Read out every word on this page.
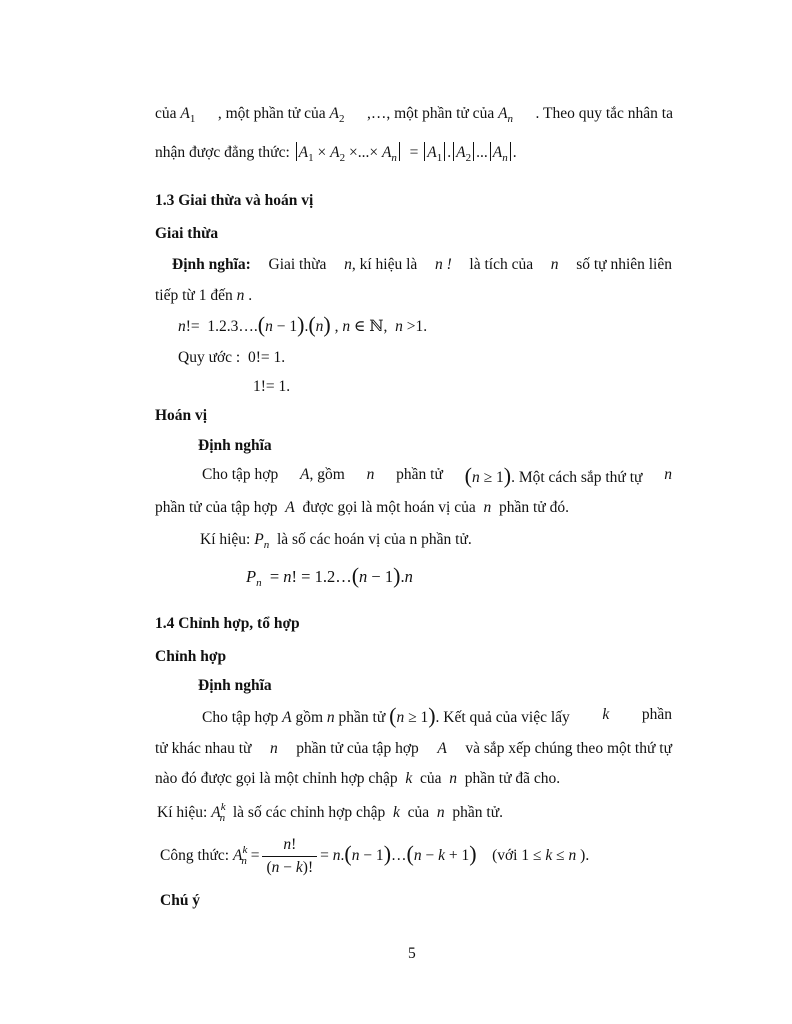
của $A_1$ , một phần tử của $A_2$ ,…, một phần tử của $A_n$ . Theo quy tắc nhân ta
nhận được đẳng thức: $A_1 \times A_2$ ×...× $A_n = A_1$ . $A_2$ ... $A_n$ .
1.3 Giai thừa và hoán vị
Giai thừa
Định nghĩa: Giai thừa n, kí hiệu là n ! là tích của n số tự nhiên liên
tiếp từ 1 đến n .
n!=  1.2.3….(n − 1).(n) , n ∈ ℕ,  n >1.
Quy ước : 0!= 1.
1!= 1.
Hoán vị
Định nghĩa
Cho tập hợp A, gồm n phần tử (n ≥ 1). Một cách sắp thứ tự n
phần tử của tập hợp A được gọi là một hoán vị của n phần tử đó.
Kí hiệu: $P_n$ là số các hoán vị của n phần tử.
$P_n = n$! = 1.2…(n − 1).n
1.4 Chỉnh hợp, tổ hợp
Chỉnh hợp
Định nghĩa
Cho tập hợp A gồm n phần tử (n ≥ 1). Kết quả của việc lấy k phần
tử khác nhau từ n phần tử của tập hợp A và sắp xếp chúng theo một thứ tự
nào đó được gọi là một chỉnh hợp chập k của n phần tử đã cho.
Kí hiệu: $A^k_n$ là số các chỉnh hợp chập k của n phần tử.
Công thức: $A^k_n = \frac{n!}{(n - k)!} = n.(n$ − 1)…(n − k + 1) (với 1 ≤ k ≤ n ).
Chú ý
5
